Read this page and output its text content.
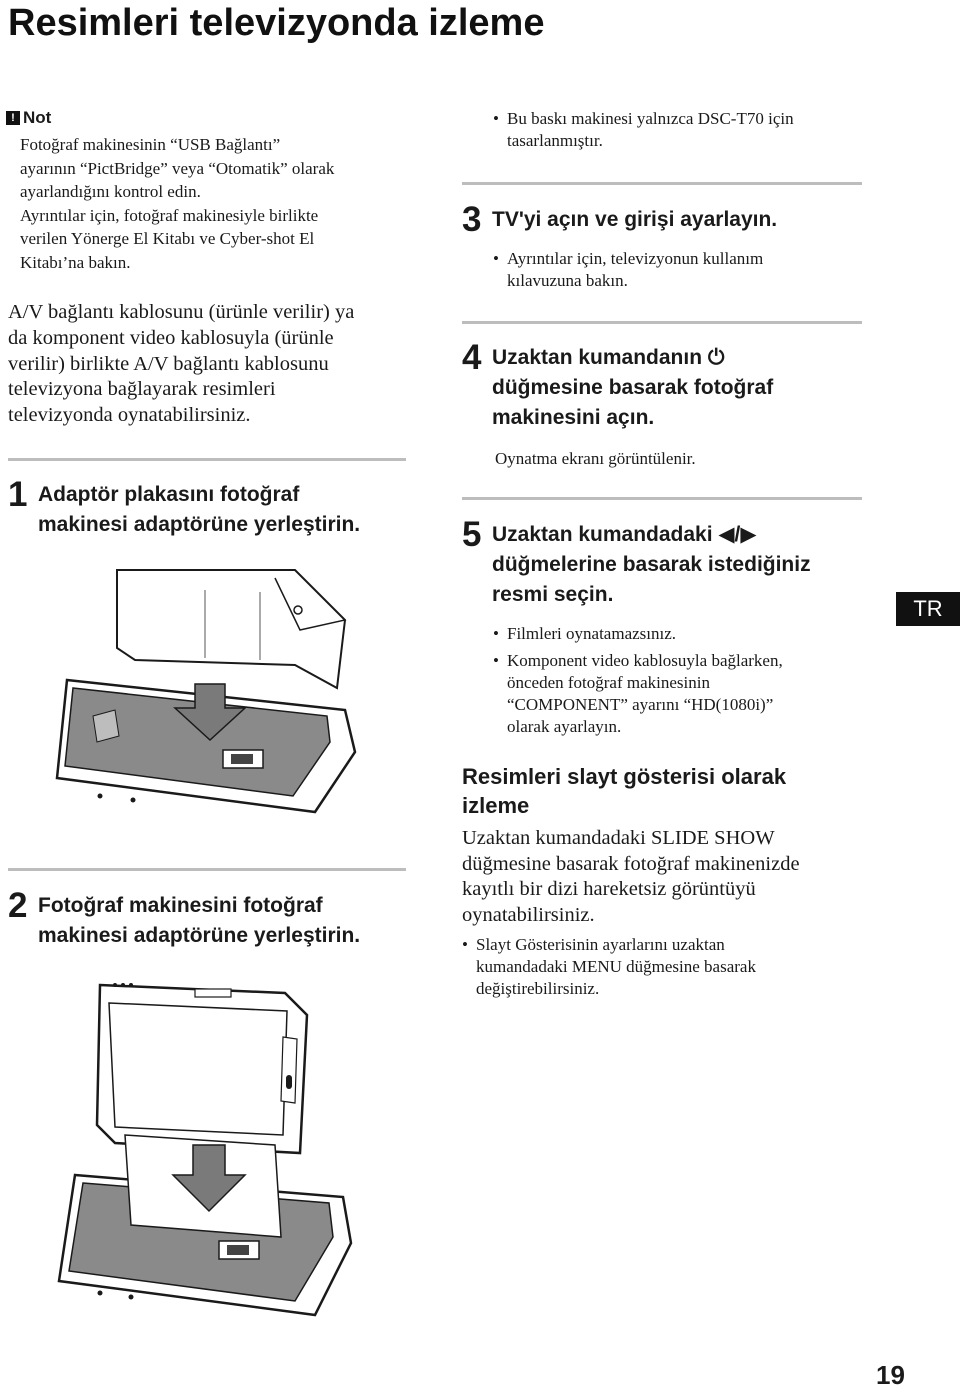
Resimleri televizyonda izleme
! Not
Fotoğraf makinesinin “USB Bağlantı”
ayarının “PictBridge” veya “Otomatik” olarak
ayarlandığını kontrol edin.
Ayrıntılar için, fotoğraf makinesiyle birlikte
verilen Yönerge El Kitabı ve Cyber-shot El
Kitabı’na bakın.
A/V bağlantı kablosunu (ürünle verilir) ya
da komponent video kablosuyla (ürünle
verilir) birlikte A/V bağlantı kablosunu
televizyona bağlayarak resimleri
televizyonda oynatabilirsiniz.
1 Adaptör plakasını fotoğraf
makinesi adaptörüne yerleştirin.
2 Fotoğraf makinesini fotoğraf
makinesi adaptörüne yerleştirin.
• Bu baskı makinesi yalnızca DSC-T70 için
tasarlanmıştır.
3 TV'yi açın ve girişi ayarlayın.
• Ayrıntılar için, televizyonun kullanım
kılavuzuna bakın.
4 Uzaktan kumandanın ⏻
düğmesine basarak fotoğraf
makinesini açın.
Oynatma ekranı görüntülenir.
5 Uzaktan kumandadaki ◀/▶
düğmelerine basarak istediğiniz
resmi seçin.
• Filmleri oynatamazsınız.
• Komponent video kablosuyla bağlarken,
önceden fotoğraf makinesinin
“COMPONENT” ayarını “HD(1080i)”
olarak ayarlayın.
Resimleri slayt gösterisi olarak
izleme
Uzaktan kumandadaki SLIDE SHOW
düğmesine basarak fotoğraf makinenizde
kayıtlı bir dizi hareketsiz görüntüyü
oynatabilirsiniz.
• Slayt Gösterisinin ayarlarını uzaktan
kumandadaki MENU düğmesine basarak
değiştirebilirsiniz.
TR
19
